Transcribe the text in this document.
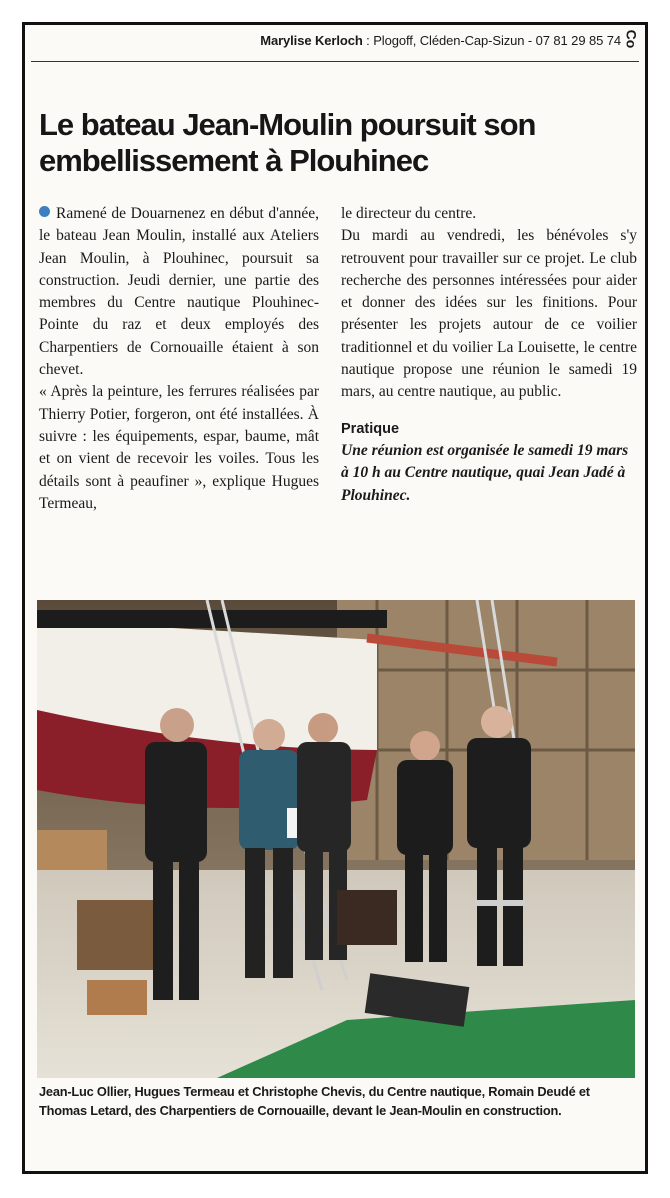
Marylise Kerloch : Plogoff, Cléden-Cap-Sizun - 07 81 29 85 74 Co
Le bateau Jean-Moulin poursuit son embellissement à Plouhinec

Ramené de Douarnenez en début d'année, le bateau Jean Moulin, installé aux Ateliers Jean Moulin, à Plouhinec, poursuit sa construction. Jeudi dernier, une partie des membres du Centre nautique Plouhinec-Pointe du raz et deux employés des Charpentiers de Cornouaille étaient à son chevet.

« Après la peinture, les ferrures réalisées par Thierry Potier, forgeron, ont été installées. À suivre : les équipements, espar, baume, mât et on vient de recevoir les voiles. Tous les détails sont à peaufiner », explique Hugues Termeau,

le directeur du centre.

Du mardi au vendredi, les bénévoles s'y retrouvent pour travailler sur ce projet. Le club recherche des personnes intéressées pour aider et donner des idées sur les finitions. Pour présenter les projets autour de ce voilier traditionnel et du voilier La Louisette, le centre nautique propose une réunion le samedi 19 mars, au centre nautique, au public.

Pratique

Une réunion est organisée le samedi 19 mars à 10 h au Centre nautique, quai Jean Jadé à Plouhinec.

Jean-Luc Ollier, Hugues Termeau et Christophe Chevis, du Centre nautique, Romain Deudé et Thomas Letard, des Charpentiers de Cornouaille, devant le Jean-Moulin en construction.
